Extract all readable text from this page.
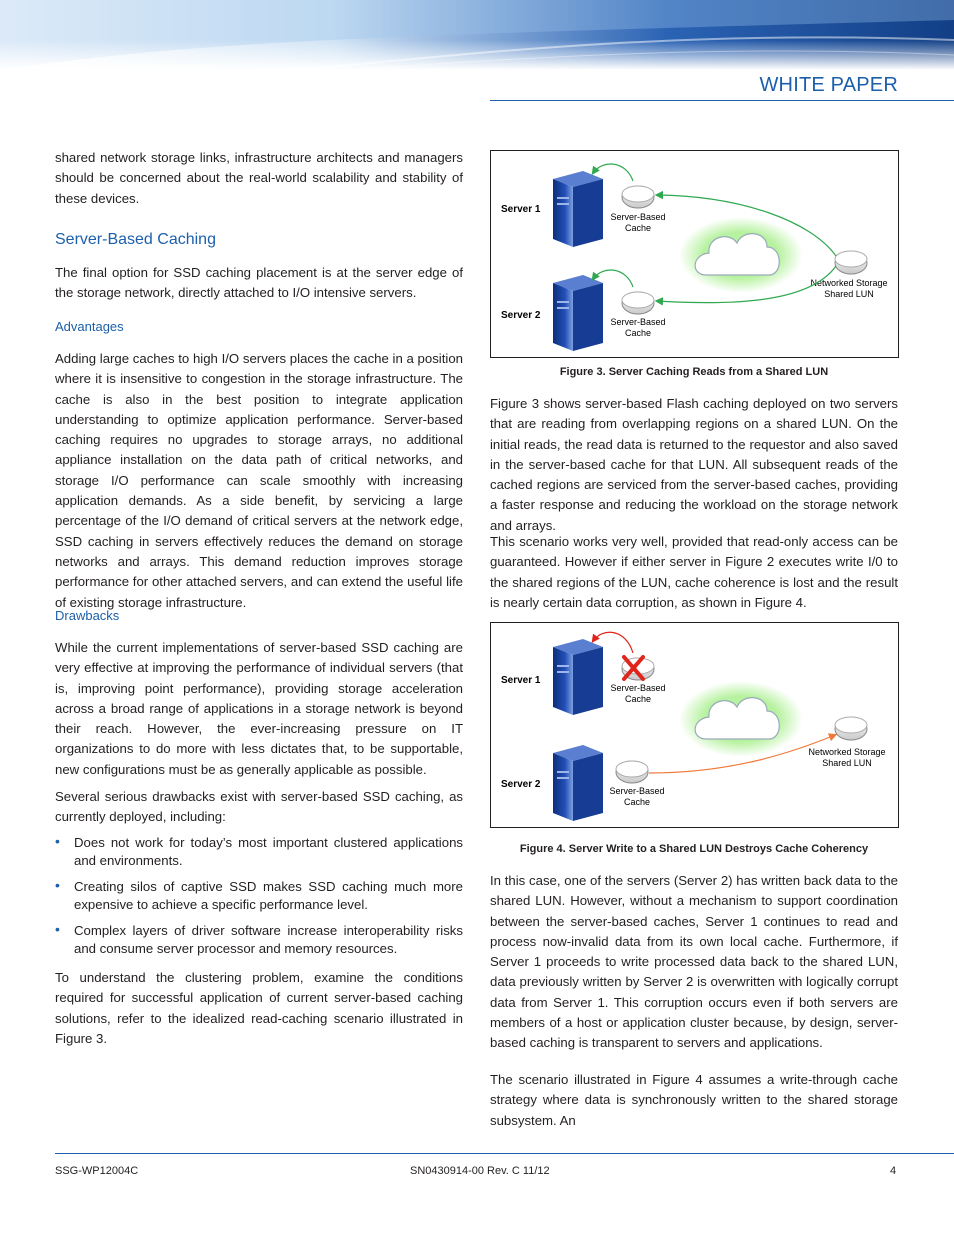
WHITE PAPER

shared network storage links, infrastructure architects and managers should be concerned about the real-world scalability and stability of these devices.

Server-Based Caching

The final option for SSD caching placement is at the server edge of the storage network, directly attached to I/O intensive servers.

Advantages

Adding large caches to high I/O servers places the cache in a position where it is insensitive to congestion in the storage infrastructure. The cache is also in the best position to integrate application understanding to optimize application performance. Server-based caching requires no upgrades to storage arrays, no additional appliance installation on the data path of critical networks, and storage I/O performance can scale smoothly with increasing application demands. As a side benefit, by servicing a large percentage of the I/O demand of critical servers at the network edge, SSD caching in servers effectively reduces the demand on storage networks and arrays. This demand reduction improves storage performance for other attached servers, and can extend the useful life of existing storage infrastructure.

Drawbacks

While the current implementations of server-based SSD caching are very effective at improving the performance of individual servers (that is, improving point performance), providing storage acceleration across a broad range of applications in a storage network is beyond their reach. However, the ever-increasing pressure on IT organizations to do more with less dictates that, to be supportable, new configurations must be as generally applicable as possible.

Several serious drawbacks exist with server-based SSD caching, as currently deployed, including:

• Does not work for today’s most important clustered applications and environments.
• Creating silos of captive SSD makes SSD caching much more expensive to achieve a specific performance level.
• Complex layers of driver software increase interoperability risks and consume server processor and memory resources.

To understand the clustering problem, examine the conditions required for successful application of current server-based caching solutions, refer to the idealized read-caching scenario illustrated in Figure 3.

Server 1
Server 2
Server-Based
Cache
Server-Based
Cache
Networked Storage
Shared LUN
Figure 3. Server Caching Reads from a Shared LUN

Figure 3 shows server-based Flash caching deployed on two servers that are reading from overlapping regions on a shared LUN. On the initial reads, the read data is returned to the requestor and also saved in the server-based cache for that LUN. All subsequent reads of the cached regions are serviced from the server-based caches, providing a faster response and reducing the workload on the storage network and arrays.

This scenario works very well, provided that read-only access can be guaranteed. However if either server in Figure 2 executes write I/0 to the shared regions of the LUN, cache coherence is lost and the result is nearly certain data corruption, as shown in Figure 4.

Server 1
Server 2
Server-Based
Cache
Server-Based
Cache
Networked Storage
Shared LUN
Figure 4. Server Write to a Shared LUN Destroys Cache Coherency

In this case, one of the servers (Server 2) has written back data to the shared LUN. However, without a mechanism to support coordination between the server-based caches, Server 1 continues to read and process now-invalid data from its own local cache. Furthermore, if Server 1 proceeds to write processed data back to the shared LUN, data previously written by Server 2 is overwritten with logically corrupt data from Server 1. This corruption occurs even if both servers are members of a host or application cluster because, by design, server-based caching is transparent to servers and applications.

The scenario illustrated in Figure 4 assumes a write-through cache strategy where data is synchronously written to the shared storage subsystem. An

SSG-WP12004C	SN0430914-00 Rev. C 11/12	4
